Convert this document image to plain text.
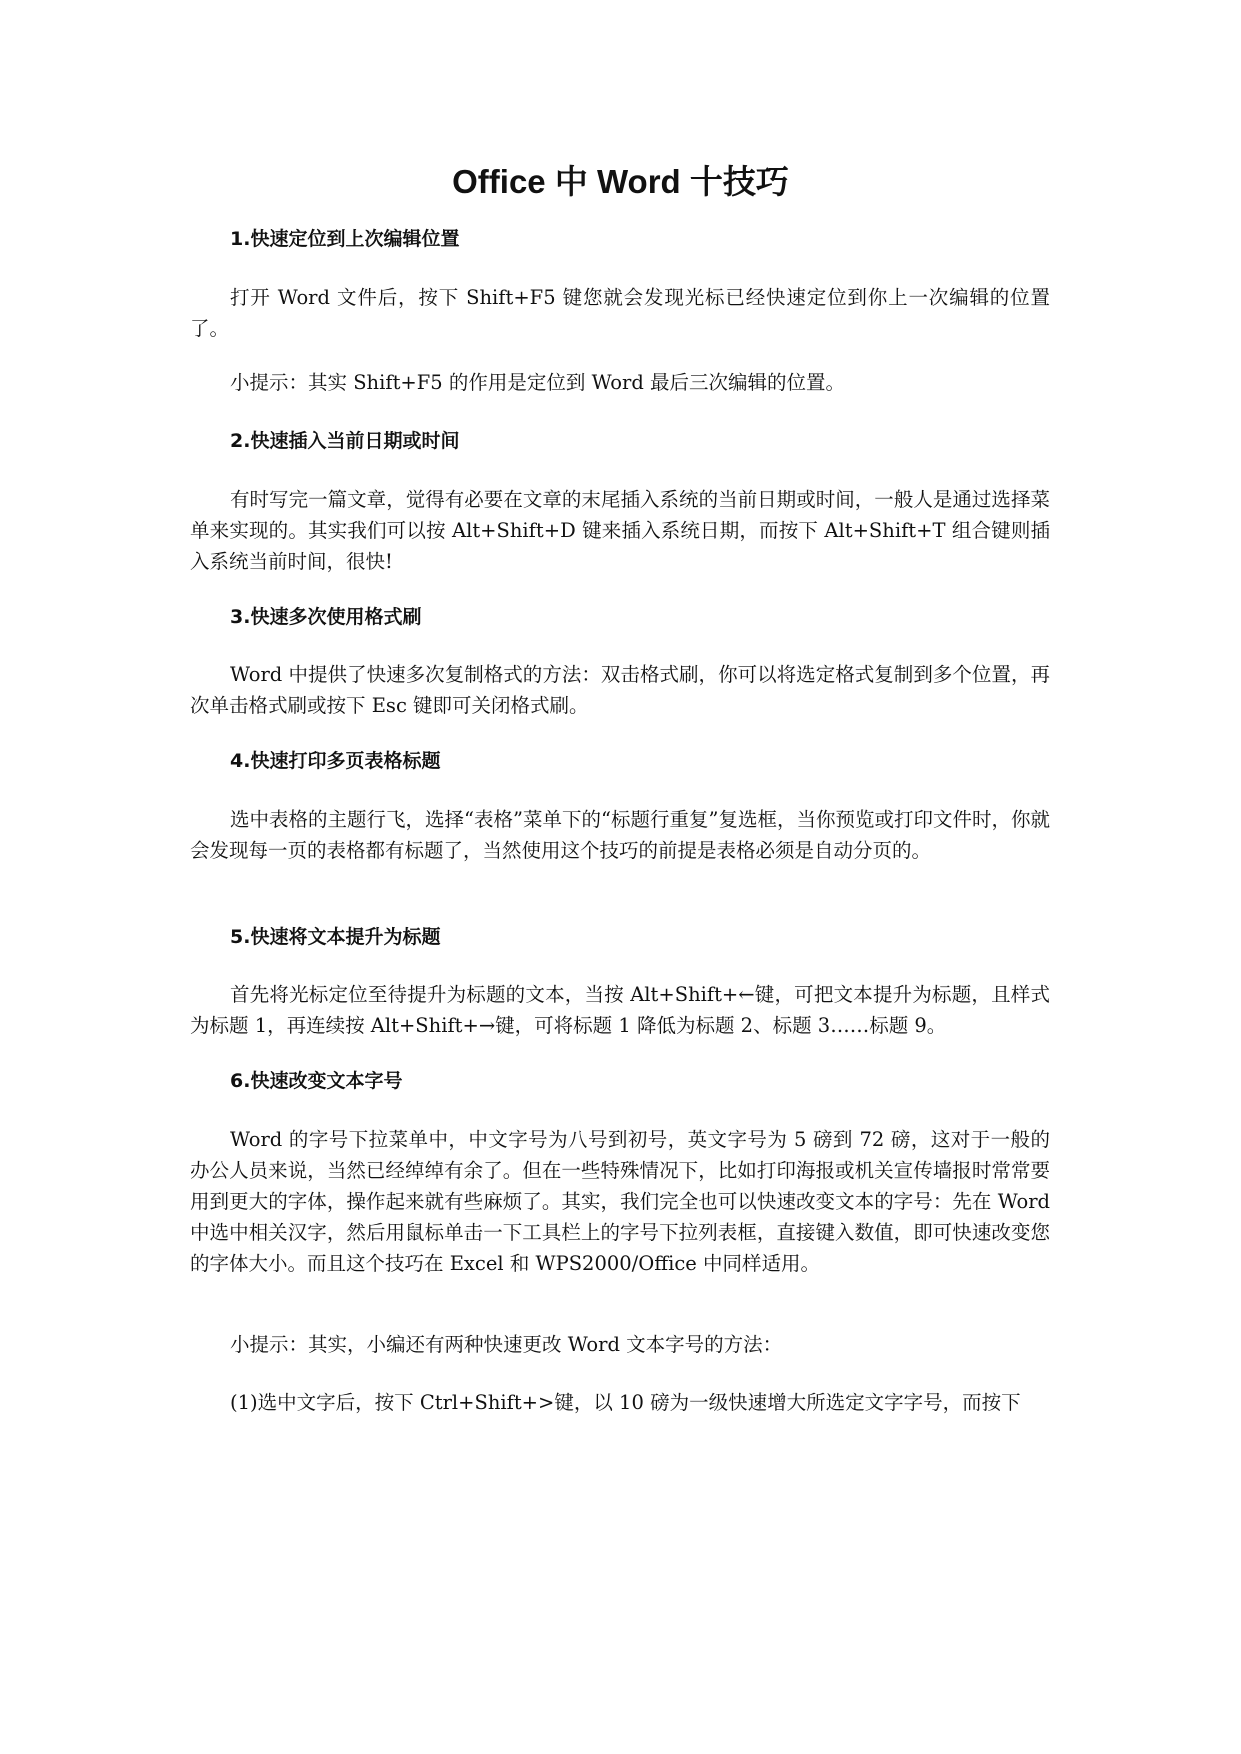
Office 中 Word 十技巧

1.快速定位到上次编辑位置

打开 Word 文件后，按下 Shift+F5 键您就会发现光标已经快速定位到你上一次编辑的位置了。

小提示：其实 Shift+F5 的作用是定位到 Word 最后三次编辑的位置。

2.快速插入当前日期或时间

有时写完一篇文章，觉得有必要在文章的末尾插入系统的当前日期或时间，一般人是通过选择菜单来实现的。其实我们可以按 Alt+Shift+D 键来插入系统日期，而按下 Alt+Shift+T 组合键则插入系统当前时间，很快!

3.快速多次使用格式刷

Word 中提供了快速多次复制格式的方法：双击格式刷，你可以将选定格式复制到多个位置，再次单击格式刷或按下 Esc 键即可关闭格式刷。

4.快速打印多页表格标题

选中表格的主题行飞，选择“表格”菜单下的“标题行重复”复选框，当你预览或打印文件时，你就会发现每一页的表格都有标题了，当然使用这个技巧的前提是表格必须是自动分页的。

5.快速将文本提升为标题

首先将光标定位至待提升为标题的文本，当按 Alt+Shift+←键，可把文本提升为标题，且样式为标题 1，再连续按 Alt+Shift+→键，可将标题 1 降低为标题 2、标题 3……标题 9。

6.快速改变文本字号

Word 的字号下拉菜单中，中文字号为八号到初号，英文字号为 5 磅到 72 磅，这对于一般的办公人员来说，当然已经绰绰有余了。但在一些特殊情况下，比如打印海报或机关宣传墙报时常常要用到更大的字体，操作起来就有些麻烦了。其实，我们完全也可以快速改变文本的字号：先在 Word 中选中相关汉字，然后用鼠标单击一下工具栏上的字号下拉列表框，直接键入数值，即可快速改变您的字体大小。而且这个技巧在 Excel 和 WPS2000/Office 中同样适用。

小提示：其实，小编还有两种快速更改 Word 文本字号的方法：

(1)选中文字后，按下 Ctrl+Shift+>键，以 10 磅为一级快速增大所选定文字字号，而按下
